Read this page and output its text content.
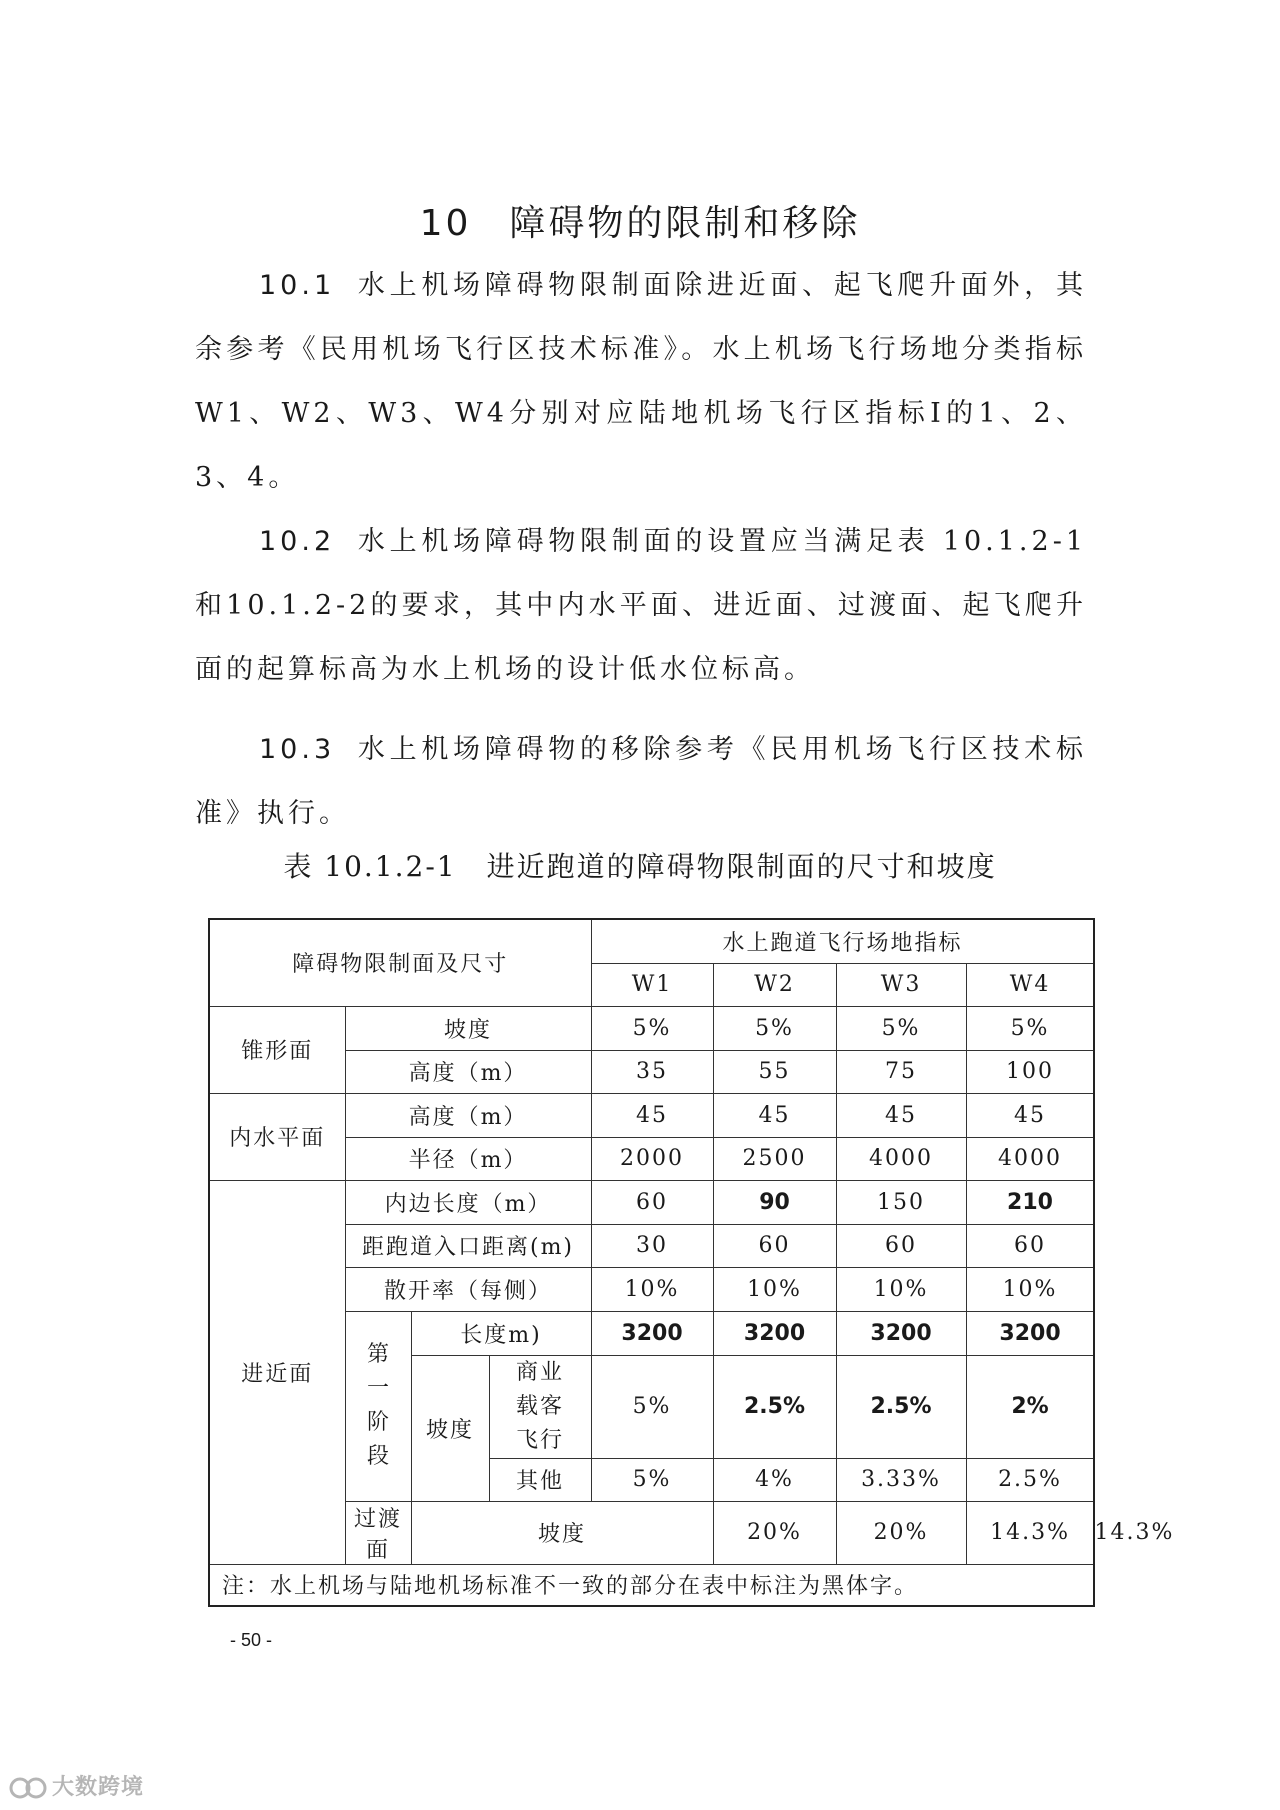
10 障碍物的限制和移除
10.1 水上机场障碍物限制面除进近面、起飞爬升面外，其余参考《民用机场飞行区技术标准》。水上机场飞行场地分类指标W1、W2、W3、W4分别对应陆地机场飞行区指标Ⅰ的1、2、3、4。
10.2 水上机场障碍物限制面的设置应当满足表 10.1.2-1和10.1.2-2的要求，其中内水平面、进近面、过渡面、起飞爬升面的起算标高为水上机场的设计低水位标高。
10.3 水上机场障碍物的移除参考《民用机场飞行区技术标准》执行。
表 10.1.2-1 进近跑道的障碍物限制面的尺寸和坡度
障碍物限制面及尺寸				水上跑道飞行场地指标				
				W1	W2	W3	W4	
锥形面	坡度			5%	5%	5%	5%	
	高度（m）			35	55	75	100	
内水平面	高度（m）			45	45	45	45	
	半径（m）			2000	2500	4000	4000	
进近面	内边长度（m）			60	90	150	210	
	距跑道入口距离(m)			30	60	60	60	
	散开率（每侧）			10%	10%	10%	10%	
	第一阶段	长度m)		3200	3200	3200	3200	
		坡度	商业载客飞行	5%	2.5%	2.5%	2%	
			其他	5%	4%	3.33%	2.5%	
	过渡面	坡度			20%	20%	14.3%	14.3%
注：水上机场与陆地机场标准不一致的部分在表中标注为黑体字。								
- 50 -
大数跨境
